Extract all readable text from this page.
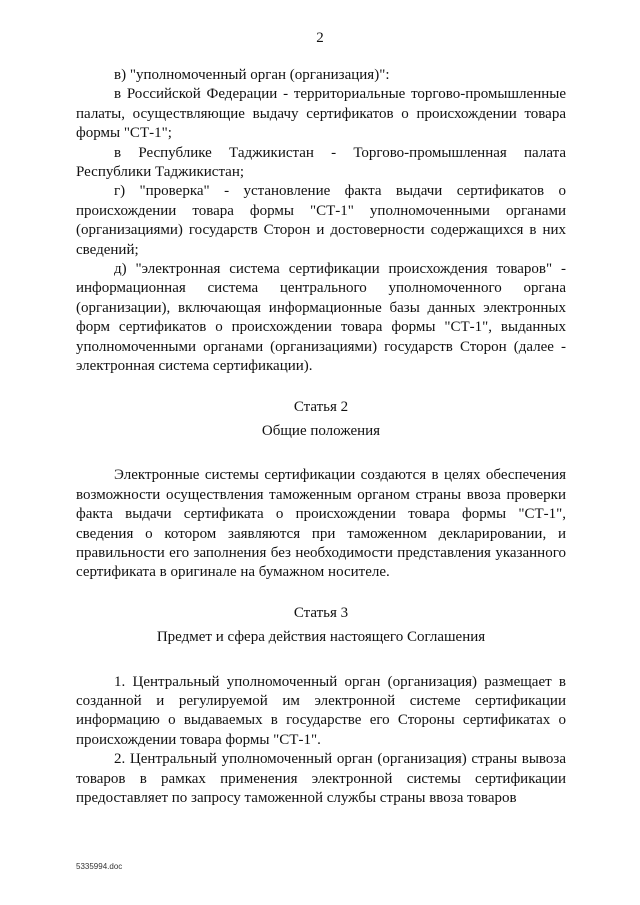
2

в) "уполномоченный орган (организация)":

в Российской Федерации - территориальные торгово-промышленные палаты, осуществляющие выдачу сертификатов о происхождении товара формы "СТ-1";

в Республике Таджикистан - Торгово-промышленная палата Республики Таджикистан;

г) "проверка" - установление факта выдачи сертификатов о происхождении товара формы "СТ-1" уполномоченными органами (организациями) государств Сторон и достоверности содержащихся в них сведений;

д) "электронная система сертификации происхождения товаров" - информационная система центрального уполномоченного органа (организации), включающая информационные базы данных электронных форм сертификатов о происхождении товара формы "СТ-1", выданных уполномоченными органами (организациями) государств Сторон (далее - электронная система сертификации).

Статья 2
Общие положения

Электронные системы сертификации создаются в целях обеспечения возможности осуществления таможенным органом страны ввоза проверки факта выдачи сертификата о происхождении товара формы "СТ-1", сведения о котором заявляются при таможенном декларировании, и правильности его заполнения без необходимости представления указанного сертификата в оригинале на бумажном носителе.

Статья 3
Предмет и сфера действия настоящего Соглашения

1. Центральный уполномоченный орган (организация) размещает в созданной и регулируемой им электронной системе сертификации информацию о выдаваемых в государстве его Стороны сертификатах о происхождении товара формы "СТ-1".

2. Центральный уполномоченный орган (организация) страны вывоза товаров в рамках применения электронной системы сертификации предоставляет по запросу таможенной службы страны ввоза товаров

5335994.doc
